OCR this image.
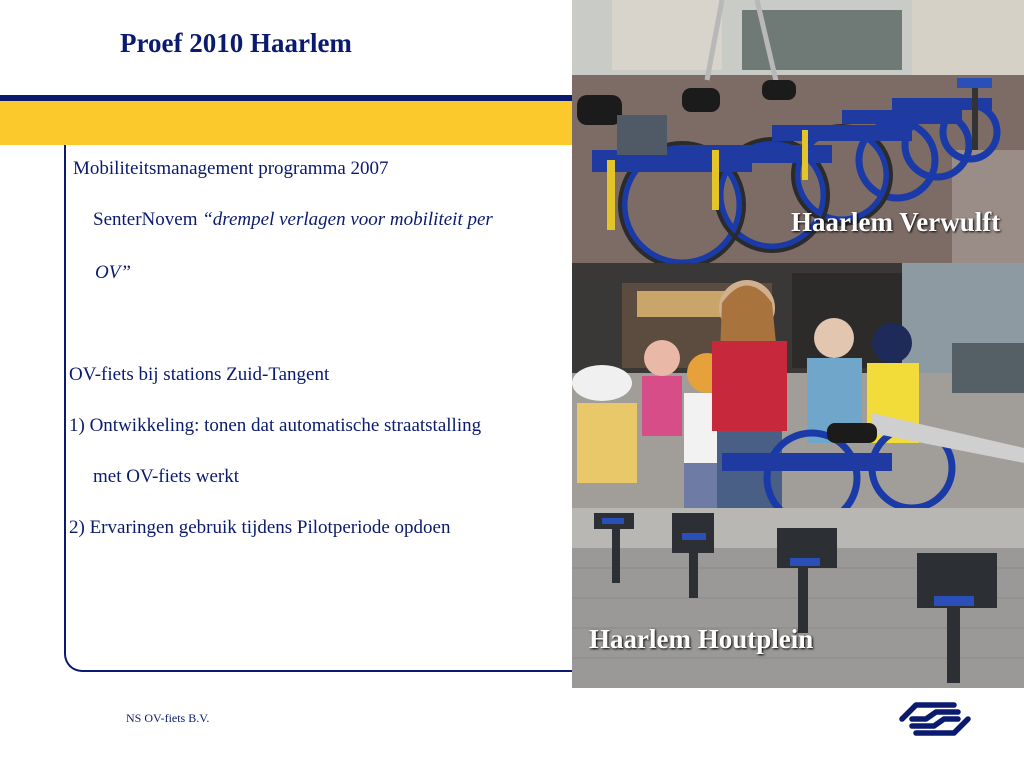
Proef 2010 Haarlem
Mobiliteitsmanagement programma 2007
SenterNovem “drempel verlagen voor mobiliteit per
OV”
OV-fiets bij stations Zuid-Tangent
1) Ontwikkeling: tonen dat automatische straatstalling
met OV-fiets werkt
2) Ervaringen gebruik tijdens Pilotperiode opdoen
Haarlem Verwulft
Haarlem Houtplein
NS OV-fiets B.V.
